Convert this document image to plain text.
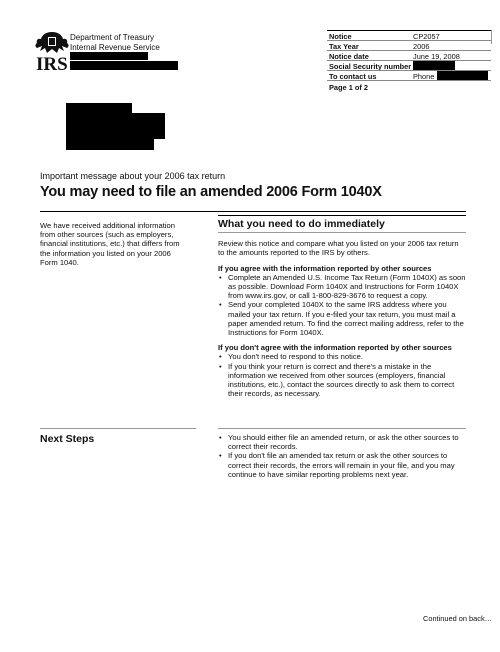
IRS
Department of Treasury
Internal Revenue Service
Notice	CP2057
Tax Year	2006
Notice date	June 19, 2008
Social Security number
To contact us	Phone
Page 1 of 2
Important message about your 2006 tax return
You may need to file an amended 2006 Form 1040X
We have received additional information from other sources (such as employers, financial institutions, etc.) that differs from the information you listed on your 2006 Form 1040.
What you need to do immediately

Review this notice and compare what you listed on your 2006 tax return to the amounts reported to the IRS by others.

If you agree with the information reported by other sources

• Complete an Amended U.S. Income Tax Return (Form 1040X) as soon as possible. Download Form 1040X and Instructions for Form 1040X from www.irs.gov, or call 1-800-829-3676 to request a copy.
• Send your completed 1040X to the same IRS address where you mailed your tax return. If you e-filed your tax return, you must mail a paper amended return. To find the correct mailing address, refer to the Instructions for Form 1040X.

If you don't agree with the information reported by other sources

• You don't need to respond to this notice.
• If you think your return is correct and there's a mistake in the information we received from other sources (employers, financial institutions, etc.), contact the sources directly to ask them to correct their records, as necessary.
Next Steps
•	You should either file an amended return, or ask the other sources to correct their records.
• If you don't file an amended tax return or ask the other sources to correct their records, the errors will remain in your file, and you may continue to have similar reporting problems next year.
Continued on back…
